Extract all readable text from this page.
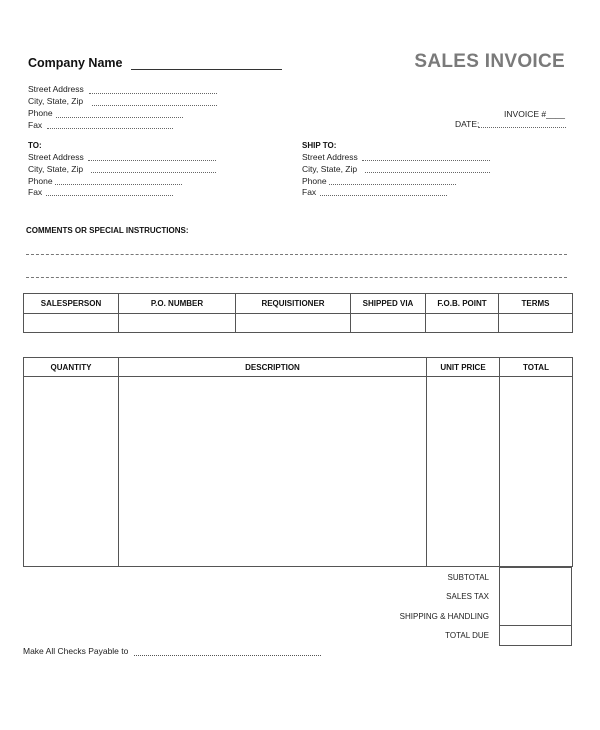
Company Name
Street Address
City, State, Zip
Phone
Fax
SALES INVOICE
INVOICE #____
DATE:
TO:
Street Address
City, State, Zip
Phone
Fax
SHIP TO:
Street Address
City, State, Zip
Phone
Fax
COMMENTS OR SPECIAL INSTRUCTIONS:
SALESPERSON	P.O. NUMBER	REQUISITIONER	SHIPPED VIA	F.O.B. POINT	TERMS

QUANTITY	DESCRIPTION	UNIT PRICE	TOTAL

SUBTOTAL
SALES TAX
SHIPPING & HANDLING
TOTAL DUE
Make All Checks Payable to
